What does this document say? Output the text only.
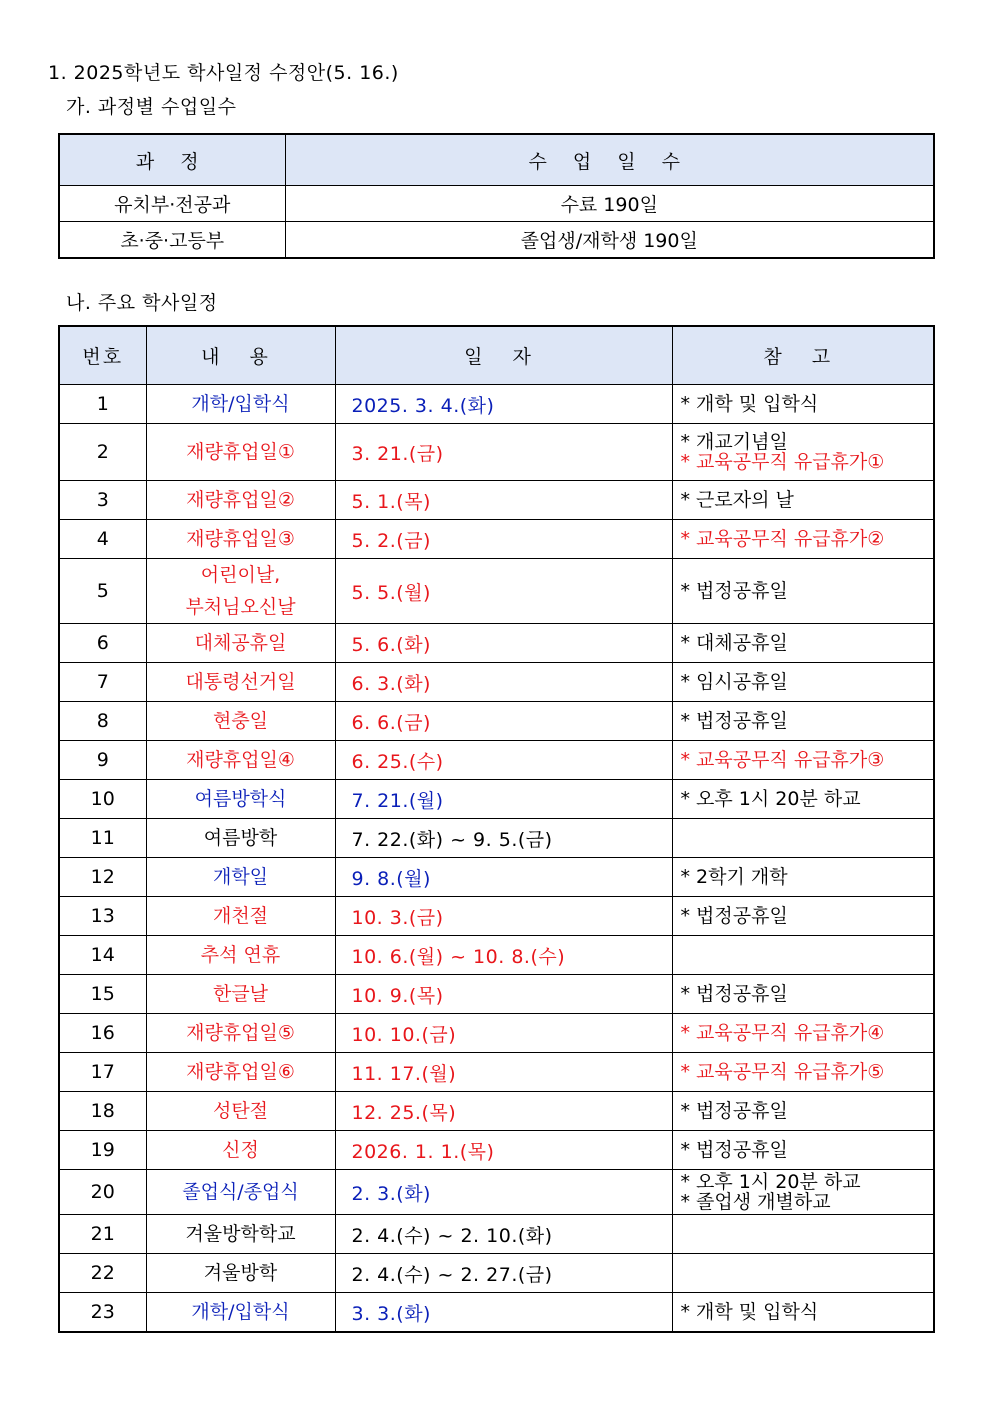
1. 2025학년도 학사일정 수정안(5. 16.)
가. 과정별 수업일수
과 정	수 업 일 수
유치부·전공과	수료 190일
초·중·고등부	졸업생/재학생 190일
나. 주요 학사일정
번호	내 용	일 자	참 고
1	개학/입학식	2025. 3. 4.(화)	* 개학 및 입학식

2	재량휴업일①	3. 21.(금)	* 개교기념일
* 교육공무직 유급휴가①

3	재량휴업일②	5. 1.(목)	* 근로자의 날

4	재량휴업일③	5. 2.(금)	* 교육공무직 유급휴가②

5	어린이날,
부처님오신날	5. 5.(월)	* 법정공휴일

6	대체공휴일	5. 6.(화)	* 대체공휴일

7	대통령선거일	6. 3.(화)	* 임시공휴일

8	현충일	6. 6.(금)	* 법정공휴일

9	재량휴업일④	6. 25.(수)	* 교육공무직 유급휴가③

10	여름방학식	7. 21.(월)	* 오후 1시 20분 하교

11	여름방학	7. 22.(화) ~ 9. 5.(금)	
12	개학일	9. 8.(월)	* 2학기 개학

13	개천절	10. 3.(금)	* 법정공휴일

14	추석 연휴	10. 6.(월) ~ 10. 8.(수)	
15	한글날	10. 9.(목)	* 법정공휴일

16	재량휴업일⑤	10. 10.(금)	* 교육공무직 유급휴가④

17	재량휴업일⑥	11. 17.(월)	* 교육공무직 유급휴가⑤

18	성탄절	12. 25.(목)	* 법정공휴일

19	신정	2026. 1. 1.(목)	* 법정공휴일

20	졸업식/종업식	2. 3.(화)	* 오후 1시 20분 하교
* 졸업생 개별하교

21	겨울방학학교	2. 4.(수) ~ 2. 10.(화)	
22	겨울방학	2. 4.(수) ~ 2. 27.(금)	
23	개학/입학식	3. 3.(화)	* 개학 및 입학식
